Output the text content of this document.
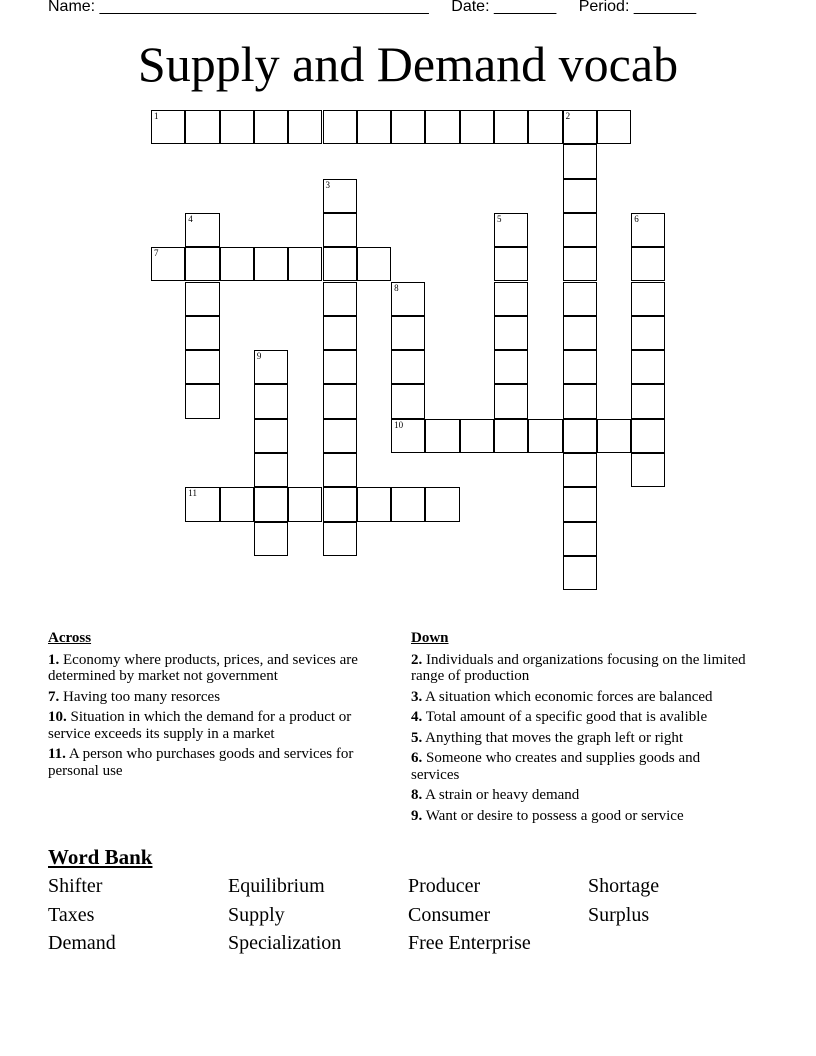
Name: _____________________________________ Date: _______ Period: _______
Supply and Demand vocab
1	2
3
4	5	6
7
8
10
9
11
Across
1. Economy where products, prices, and sevices are determined by market not government
7. Having too many resorces
10. Situation in which the demand for a product or service exceeds its supply in a market
11. A person who purchases goods and services for personal use
Down
2. Individuals and organizations focusing on the limited range of production
3. A situation which economic forces are balanced
4. Total amount of a specific good that is avalible
5. Anything that moves the graph left or right
6. Someone who creates and supplies goods and services
8. A strain or heavy demand
9. Want or desire to possess a good or service
Word Bank
Shifter	Equilibrium	Producer	Shortage
Taxes	Supply	Consumer	Surplus
Demand	Specialization	Free Enterprise
